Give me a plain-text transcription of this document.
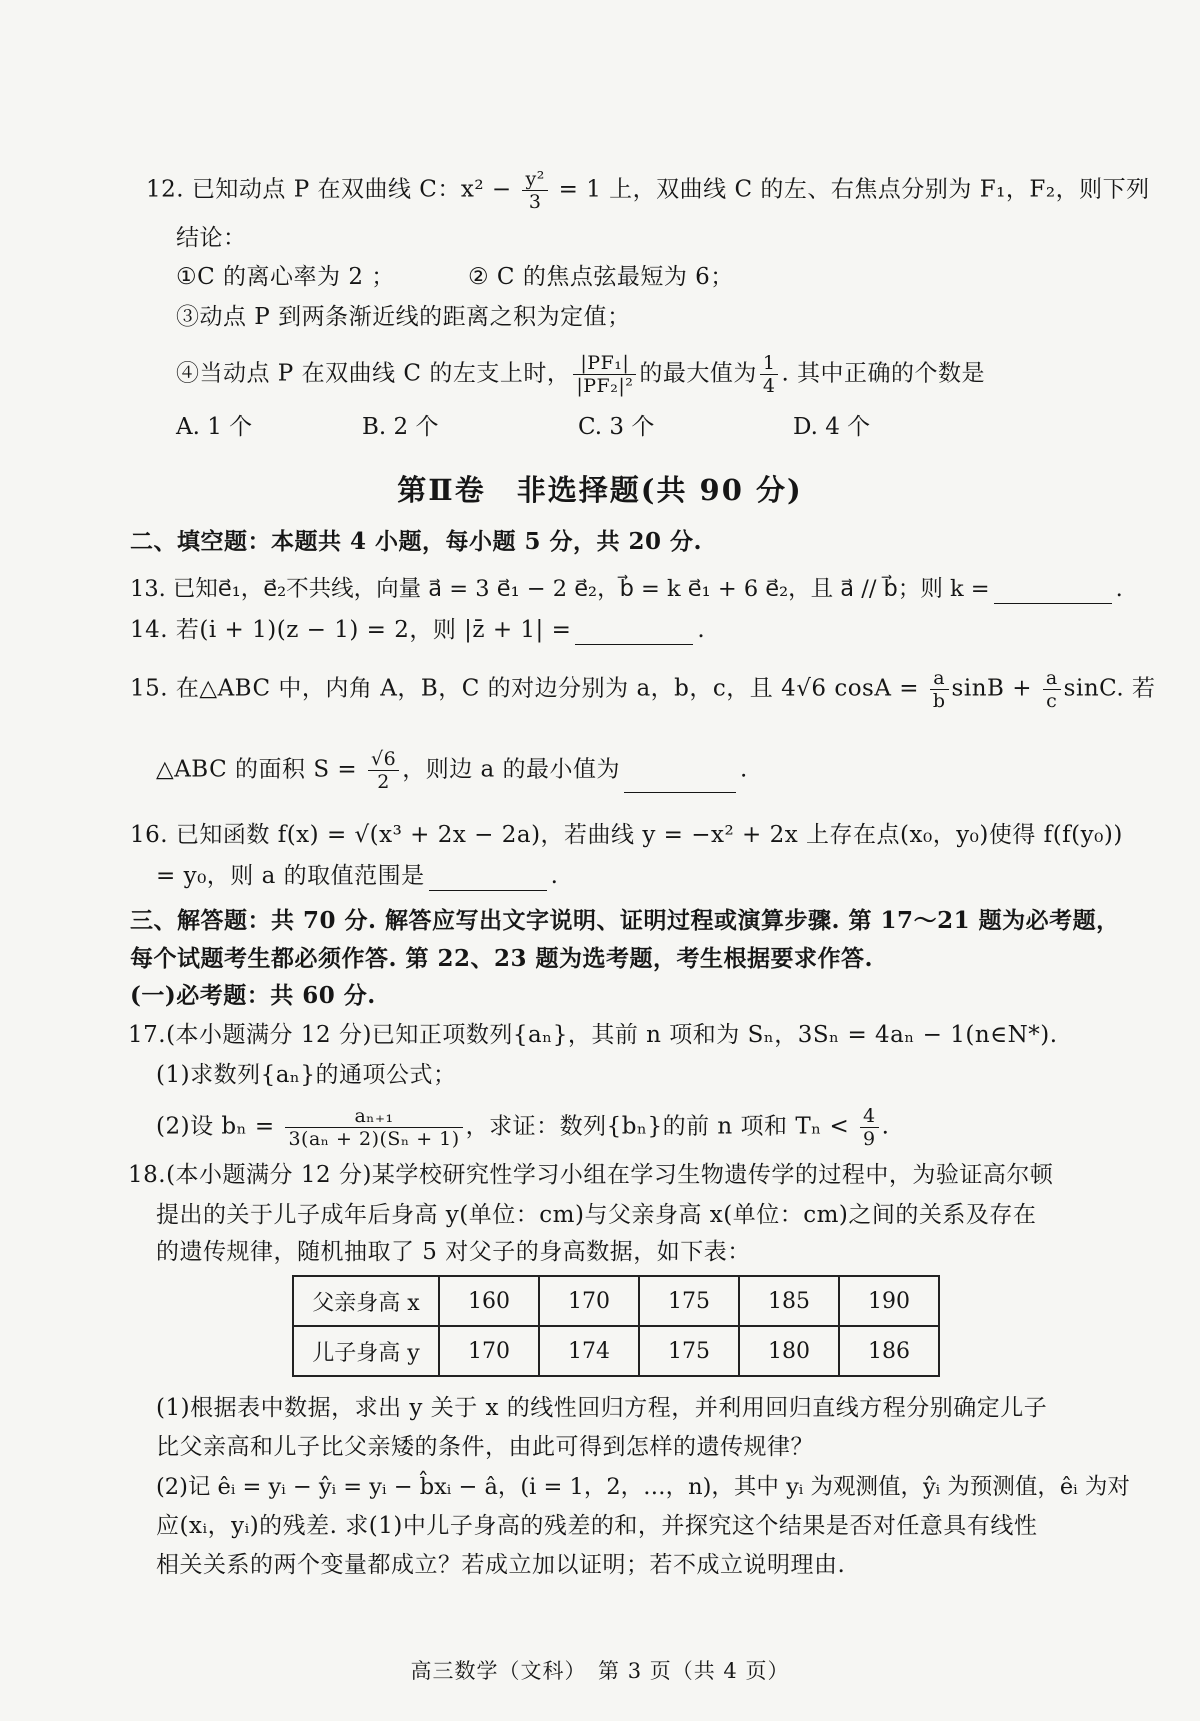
12. 已知动点 P 在双曲线 C：$x^2 - \frac{\text{y²}}{3} = 1$ 上，双曲线 C 的左、右焦点分别为 F₁，F₂，则下列
结论：
①C 的离心率为 2 ；	② C 的焦点弦最短为 6；
③动点 P 到两条渐近线的距离之积为定值；
④当动点 P 在双曲线 C 的左支上时， $\frac{\text{|PF₁|}}{\text{|PF₂|²}}$ 的最大值为 $\frac{1}{4}$ . 其中正确的个数是
A. 1 个	B. 2 个	C. 3 个	D. 4 个
第Ⅱ卷　非选择题(共 90 分)
二、填空题：本题共 4 小题，每小题 5 分，共 20 分.
13. 已知e⃗₁，e⃗₂不共线，向量 a⃗ = 3 e⃗₁ − 2 e⃗₂，b⃗ = k e⃗₁ + 6 e⃗₂，且 a⃗ // b⃗；则 k =	.
14. 若(i + 1)(z − 1) = 2，则 |z̄ + 1| =	.
15. 在△ABC 中，内角 A，B，C 的对边分别为 a，b，c，且 4√6 $\cos A = \frac{a}{b}$ $\sin B + \frac{a}{c} \sin C$. 若
△ABC 的面积 $S = \frac{√6}{2}$ ，则边 a 的最小值为	.
16. 已知函数 f(x) = √(x³ + 2x − 2a)，若曲线 y = −x² + 2x 上存在点(x₀，y₀)使得 f(f(y₀))
= y₀，则 a 的取值范围是	.
三、解答题：共 70 分. 解答应写出文字说明、证明过程或演算步骤. 第 17～21 题为必考题，
每个试题考生都必须作答. 第 22、23 题为选考题，考生根据要求作答.
(一)必考题：共 60 分.
17.(本小题满分 12 分)已知正项数列{aₙ}，其前 n 项和为 Sₙ，3Sₙ = 4aₙ − 1(n∈N*).
(1)求数列{aₙ}的通项公式；
(2)设 $b_n = \frac{\text{aₙ₊₁}}{\text{3(aₙ + 2)(Sₙ + 1)}}$ ，求证：数列{bₙ}的前 n 项和 $T_n < \frac{4}{9}$ .
18.(本小题满分 12 分)某学校研究性学习小组在学习生物遗传学的过程中，为验证高尔顿
提出的关于儿子成年后身高 y(单位：cm)与父亲身高 x(单位：cm)之间的关系及存在
的遗传规律，随机抽取了 5 对父子的身高数据，如下表：
父亲身高 x	160	170	175	185	190
儿子身高 y	170	174	175	180	186
(1)根据表中数据，求出 y 关于 x 的线性回归方程，并利用回归直线方程分别确定儿子
比父亲高和儿子比父亲矮的条件，由此可得到怎样的遗传规律？
(2)记 êᵢ = yᵢ − ŷᵢ = yᵢ − b̂xᵢ − â，(i = 1，2，…，n)，其中 yᵢ 为观测值，ŷᵢ 为预测值，êᵢ 为对
应(xᵢ，yᵢ)的残差. 求(1)中儿子身高的残差的和，并探究这个结果是否对任意具有线性
相关关系的两个变量都成立？若成立加以证明；若不成立说明理由.
高三数学（文科）　第 3 页（共 4 页）
